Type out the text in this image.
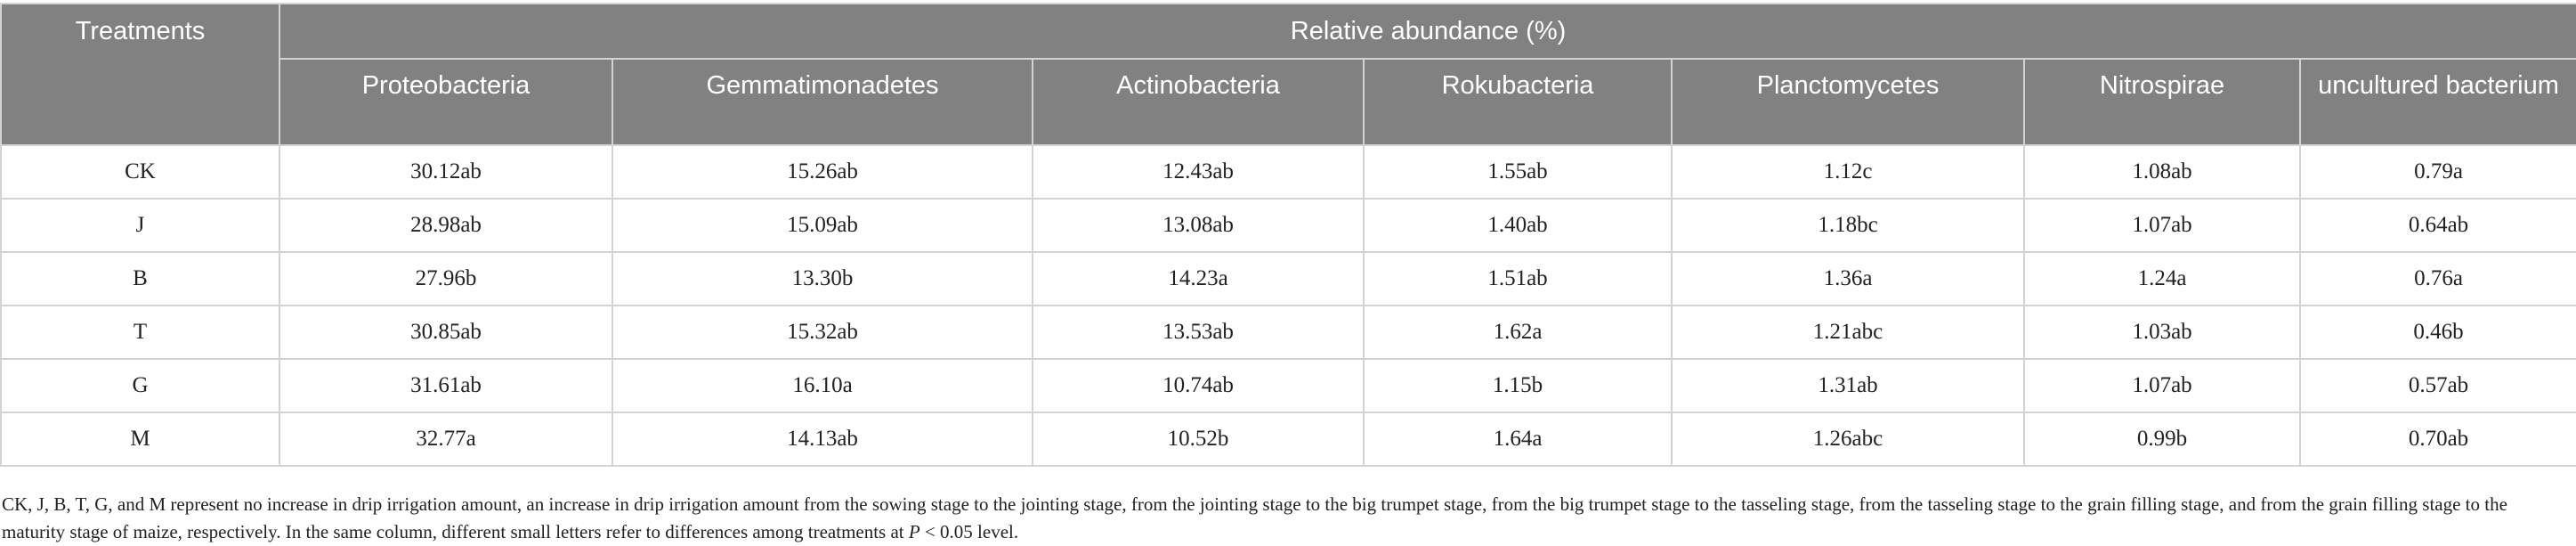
Treatments	Relative abundance (%)						
	Proteobacteria	Gemmatimonadetes	Actinobacteria	Rokubacteria	Planctomycetes	Nitrospirae	uncultured bacterium
CK	30.12ab	15.26ab	12.43ab	1.55ab	1.12c	1.08ab	0.79a
J	28.98ab	15.09ab	13.08ab	1.40ab	1.18bc	1.07ab	0.64ab
B	27.96b	13.30b	14.23a	1.51ab	1.36a	1.24a	0.76a
T	30.85ab	15.32ab	13.53ab	1.62a	1.21abc	1.03ab	0.46b
G	31.61ab	16.10a	10.74ab	1.15b	1.31ab	1.07ab	0.57ab
M	32.77a	14.13ab	10.52b	1.64a	1.26abc	0.99b	0.70ab

CK, J, B, T, G, and M represent no increase in drip irrigation amount, an increase in drip irrigation amount from the sowing stage to the jointing stage, from the jointing stage to the big trumpet stage, from the big trumpet stage to the tasseling stage, from the tasseling stage to the grain filling stage, and from the grain filling stage to the maturity stage of maize, respectively. In the same column, different small letters refer to differences among treatments at P < 0.05 level.
